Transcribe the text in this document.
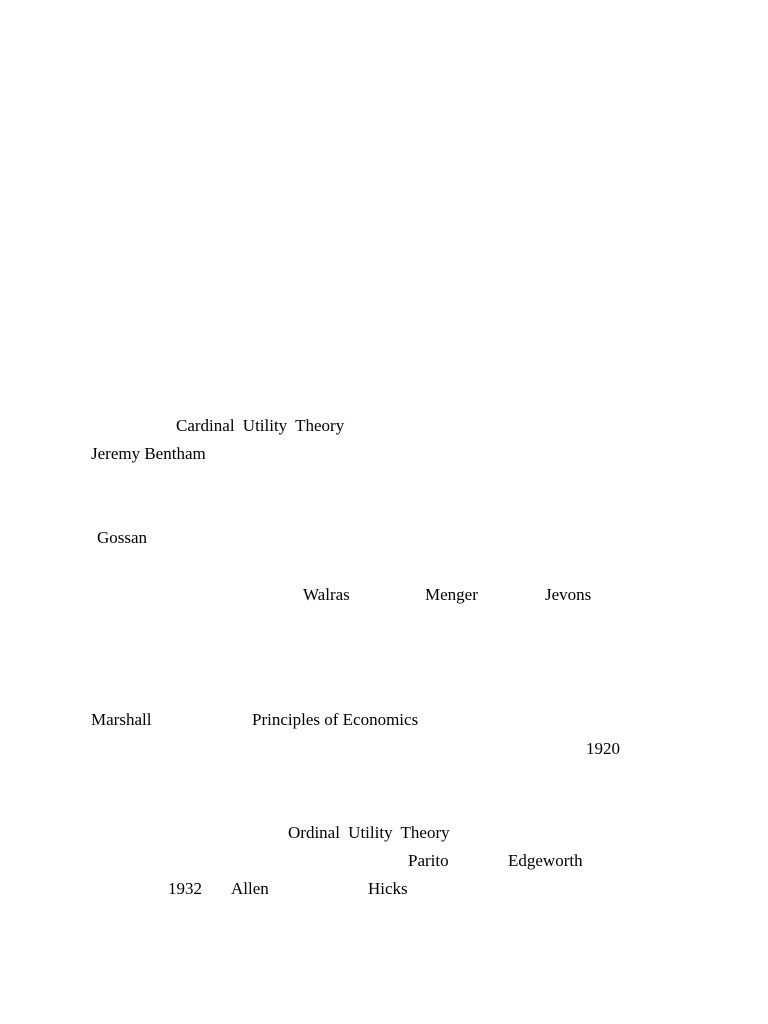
Cardinal Utility Theory
Jeremy Bentham
Gossan
Walras	Menger	Jevons
Marshall	Principles of Economics
1920
Ordinal Utility Theory
Parito	Edgeworth
1932 Allen	Hicks
